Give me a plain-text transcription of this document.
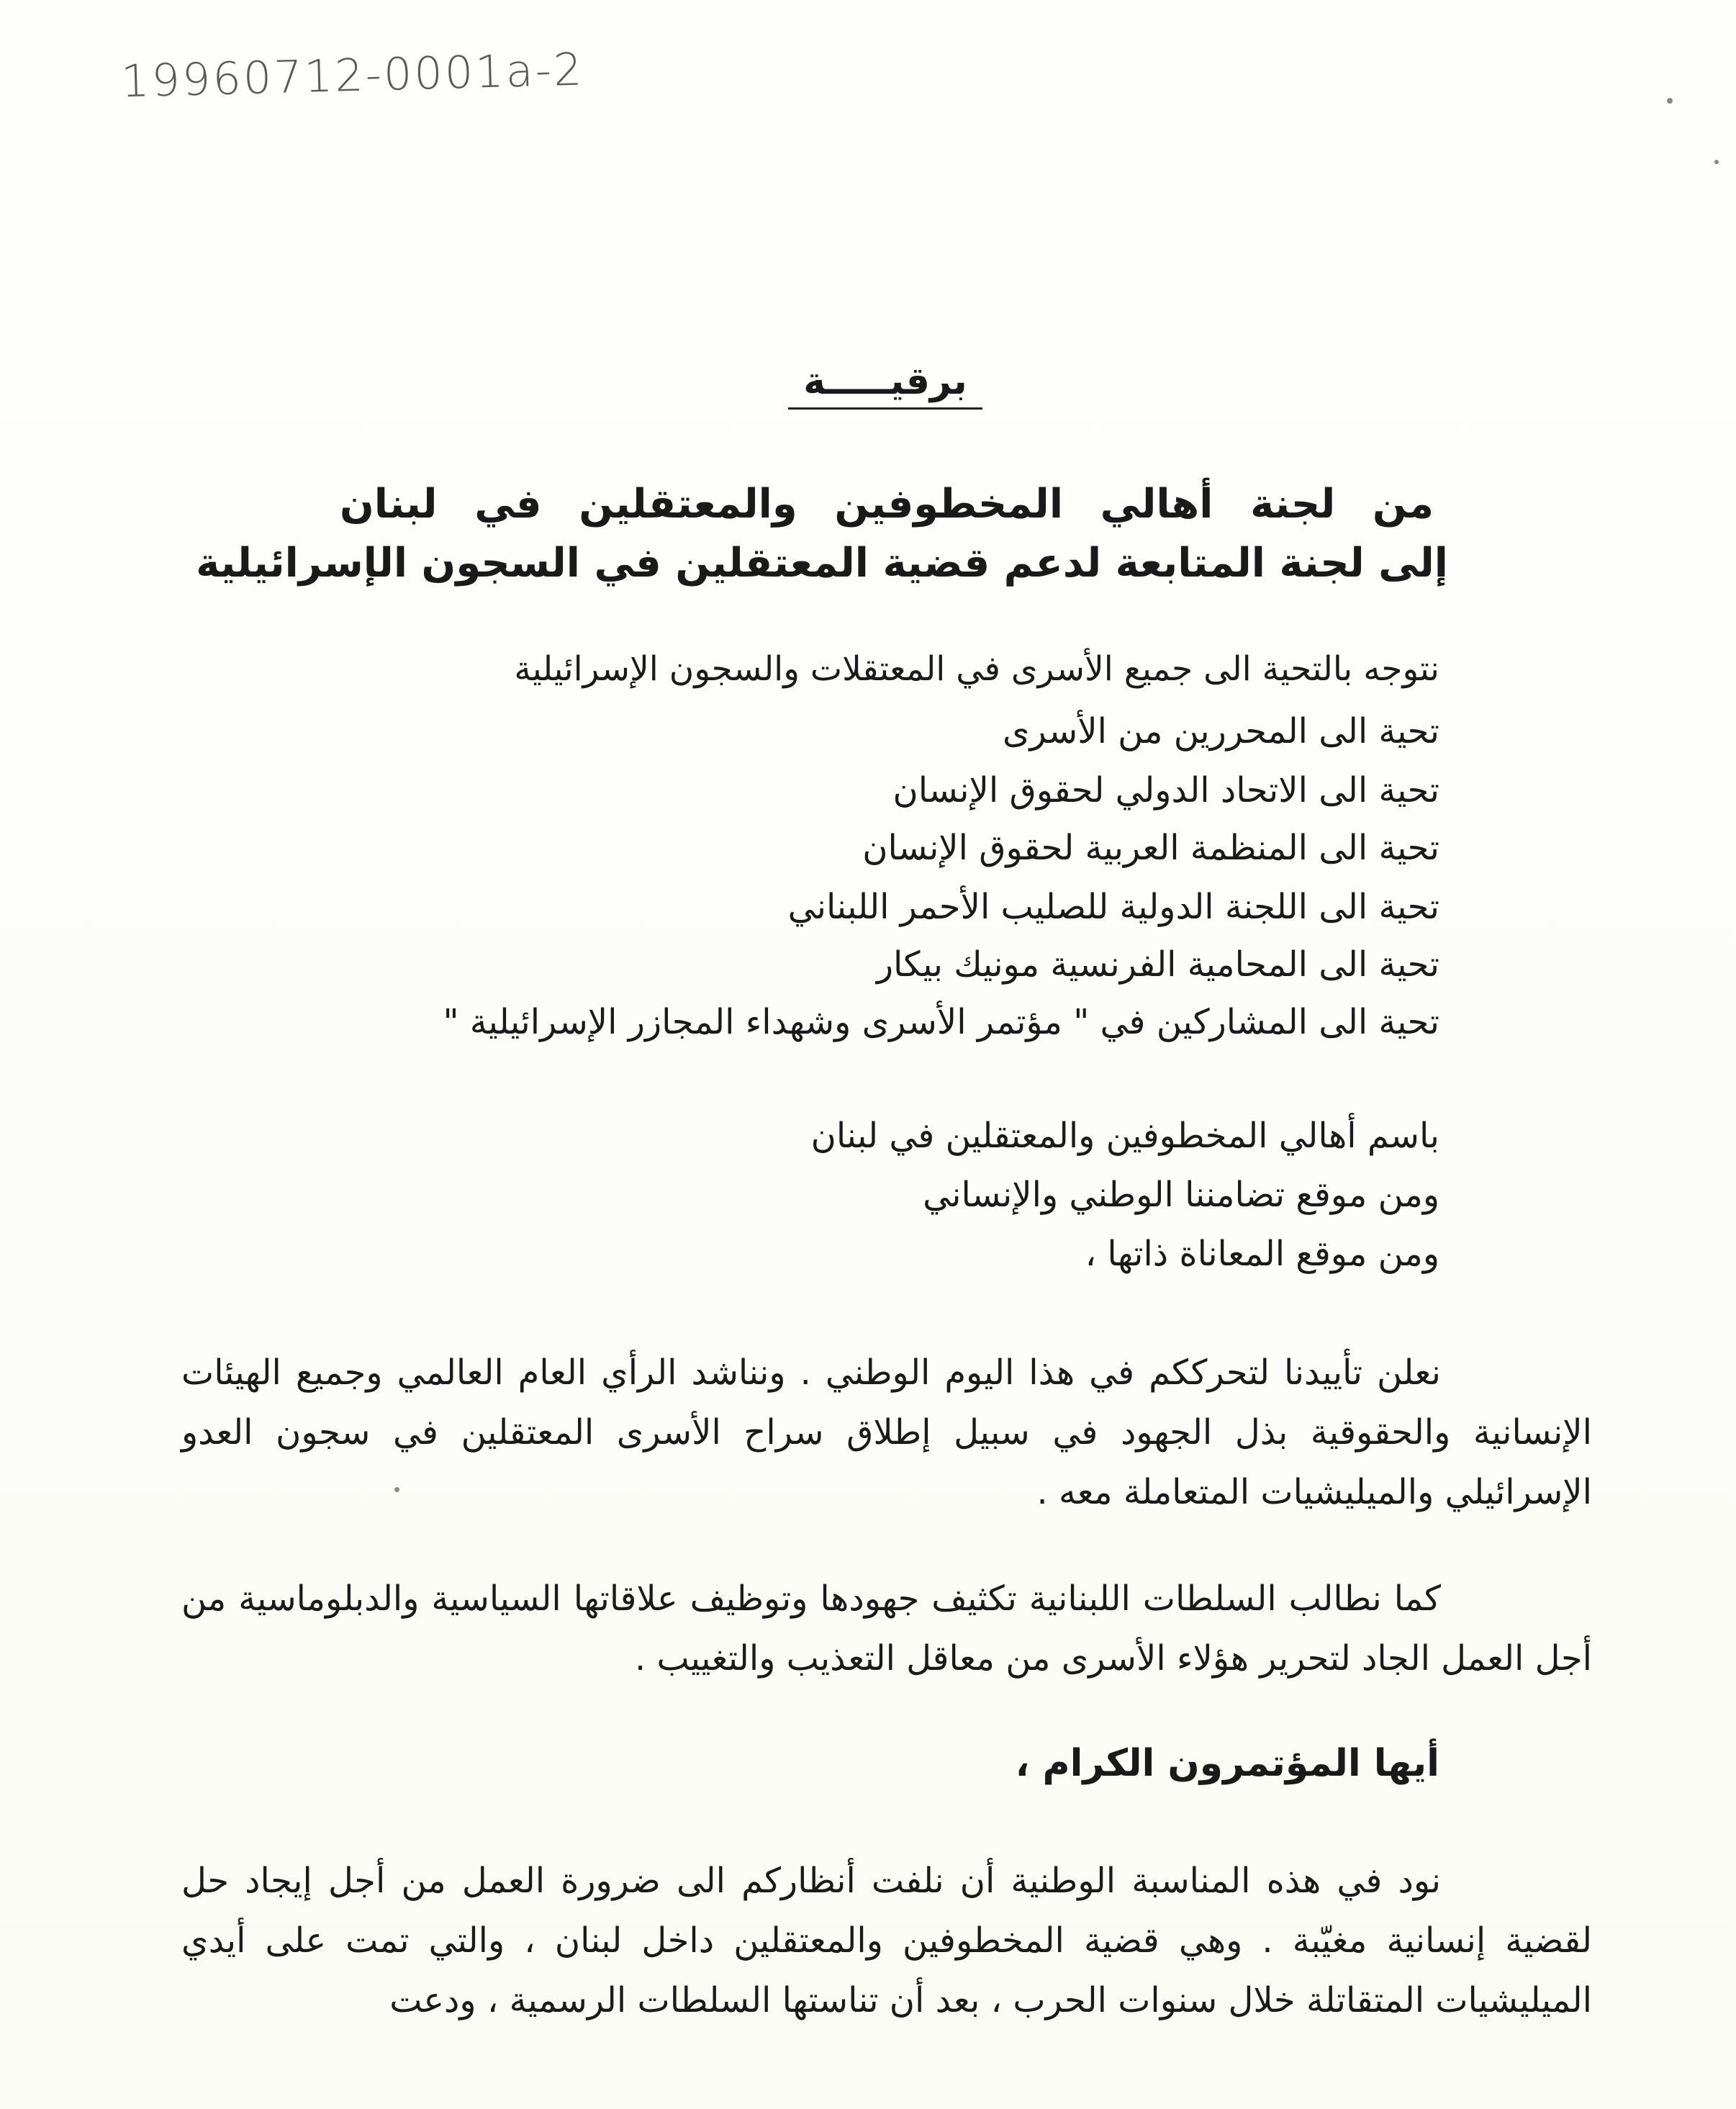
19960712-0001a-2
برقيـــــة
من لجنة أهالي المخطوفين والمعتقلين في لبنان
إلى لجنة المتابعة لدعم قضية المعتقلين في السجون الإسرائيلية
نتوجه بالتحية الى جميع الأسرى في المعتقلات والسجون الإسرائيلية
تحية الى المحررين من الأسرى
تحية الى الاتحاد الدولي لحقوق الإنسان
تحية الى المنظمة العربية لحقوق الإنسان
تحية الى اللجنة الدولية للصليب الأحمر اللبناني
تحية الى المحامية الفرنسية مونيك بيكار
تحية الى المشاركين في " مؤتمر الأسرى وشهداء المجازر الإسرائيلية "
باسم أهالي المخطوفين والمعتقلين في لبنان
ومن موقع تضامننا الوطني والإنساني
ومن موقع المعاناة ذاتها ،
نعلن تأييدنا لتحرككم في هذا اليوم الوطني . ونناشد الرأي العام العالمي وجميع الهيئات الإنسانية والحقوقية بذل الجهود في سبيل إطلاق سراح الأسرى المعتقلين في سجون العدو الإسرائيلي والميليشيات المتعاملة معه .
كما نطالب السلطات اللبنانية تكثيف جهودها وتوظيف علاقاتها السياسية والدبلوماسية من أجل العمل الجاد لتحرير هؤلاء الأسرى من معاقل التعذيب والتغييب .
أيها المؤتمرون الكرام ،
نود في هذه المناسبة الوطنية أن نلفت أنظاركم الى ضرورة العمل من أجل إيجاد حل لقضية إنسانية مغيّبة . وهي قضية المخطوفين والمعتقلين داخل لبنان ، والتي تمت على أيدي الميليشيات المتقاتلة خلال سنوات الحرب ، بعد أن تناستها السلطات الرسمية ، ودعت
